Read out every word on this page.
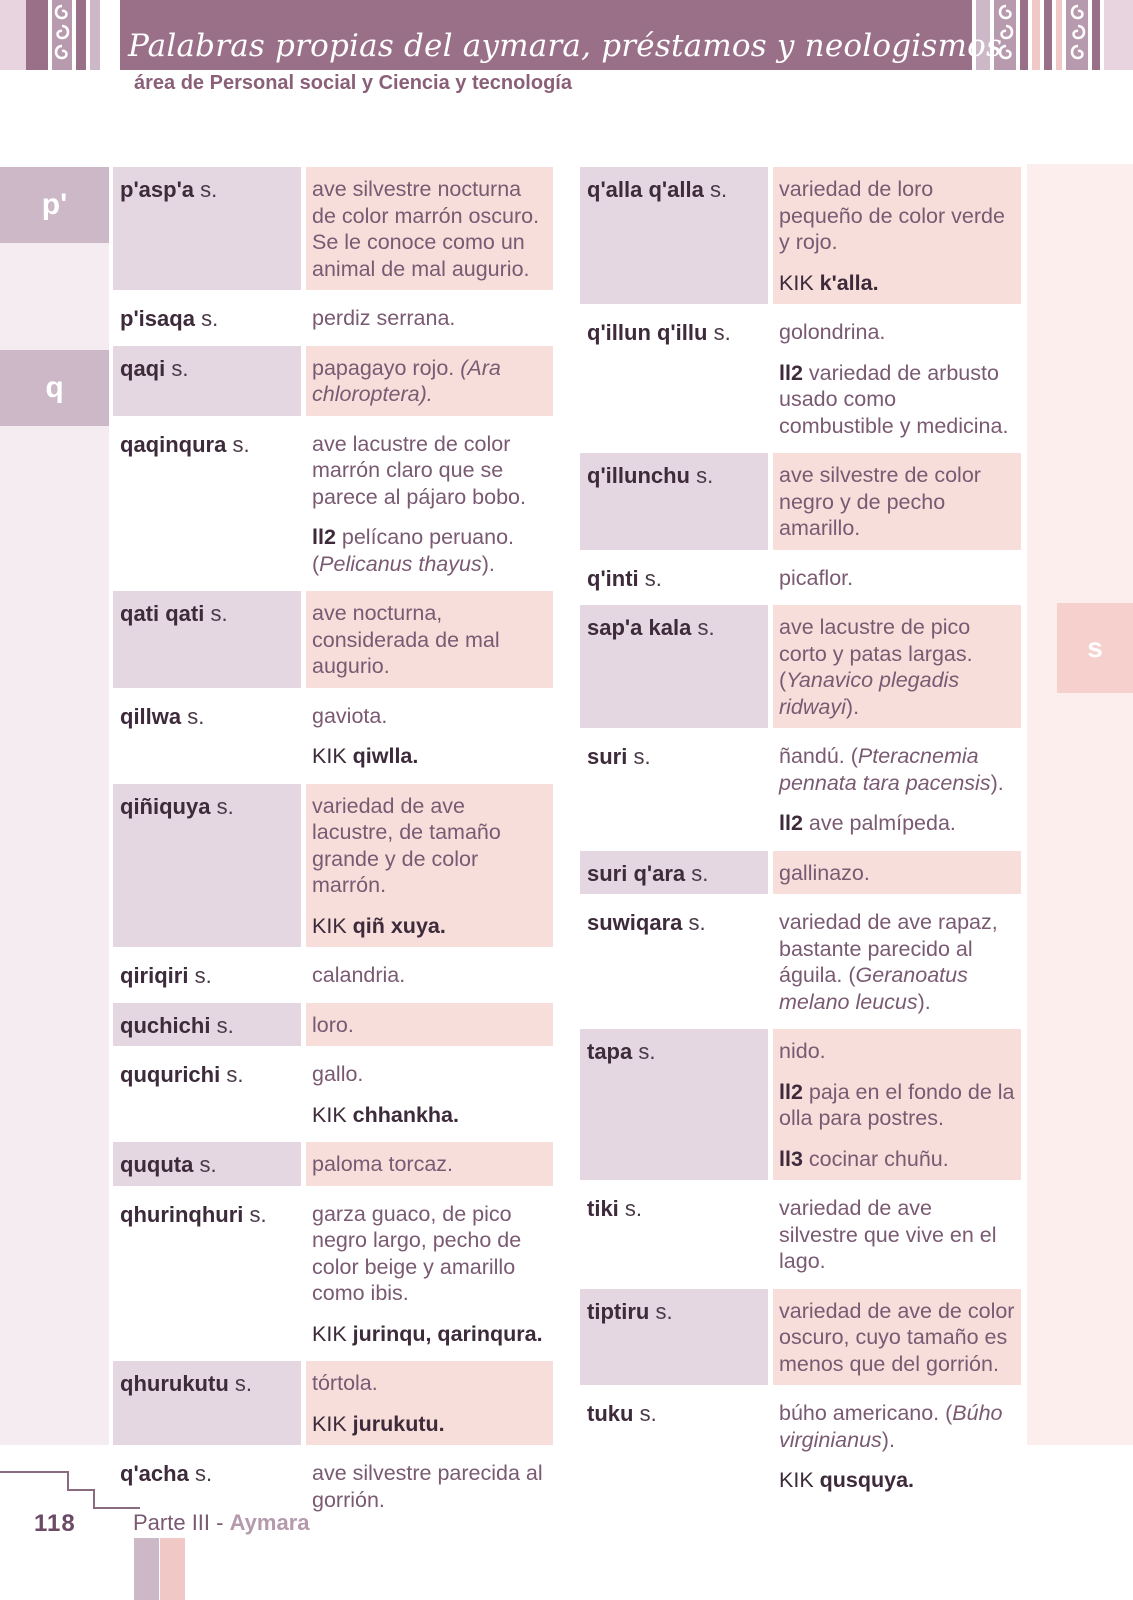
Palabras propias del aymara, préstamos y neologismos
área de Personal social y Ciencia y tecnología
p'
q
s
p'asp'a s.	ave silvestre nocturna de color marrón oscuro. Se le conoce como un animal de mal augurio.
p'isaqa s.	perdiz serrana.
qaqi s.	papagayo rojo. (Ara chloroptera).
qaqinqura s.	ave lacustre de color marrón claro que se parece al pájaro bobo.
ll2 pelícano peruano. (Pelicanus thayus).
qati qati s.	ave nocturna, considerada de mal augurio.
qillwa s.	gaviota.
KIK qiwlla.
qiñiquya s.	variedad de ave lacustre, de tamaño grande y de color marrón.
KIK qiñ xuya.
qiriqiri s.	calandria.
quchichi s.	loro.
ququrichi s.	gallo.
KIK chhankha.
ququta s.	paloma torcaz.
qhurinqhuri s.	garza guaco, de pico negro largo, pecho de color beige y amarillo como ibis.
KIK jurinqu, qarinqura.
qhurukutu s.	tórtola.
KIK jurukutu.
q'acha s.	ave silvestre parecida al gorrión.
q'alla q'alla s.	variedad de loro pequeño de color verde y rojo.
KIK k'alla.
q'illun q'illu s.	golondrina.
ll2 variedad de arbusto usado como combustible y medicina.
q'illunchu s.	ave silvestre de color negro y de pecho amarillo.
q'inti s.	picaflor.
sap'a kala s.	ave lacustre de pico corto y patas largas. (Yanavico plegadis ridwayi).
suri s.	ñandú. (Pteracnemia pennata tara pacensis).
ll2 ave palmípeda.
suri q'ara s.	gallinazo.
suwiqara s.	variedad de ave rapaz, bastante parecido al águila. (Geranoatus melano leucus).
tapa s.	nido.
ll2 paja en el fondo de la olla para postres.
ll3 cocinar chuñu.
tiki s.	variedad de ave silvestre que vive en el lago.
tiptiru s.	variedad de ave de color oscuro, cuyo tamaño es menos que del gorrión.
tuku s.	búho americano. (Búho virginianus).
KIK qusquya.
118	Parte III - Aymara
